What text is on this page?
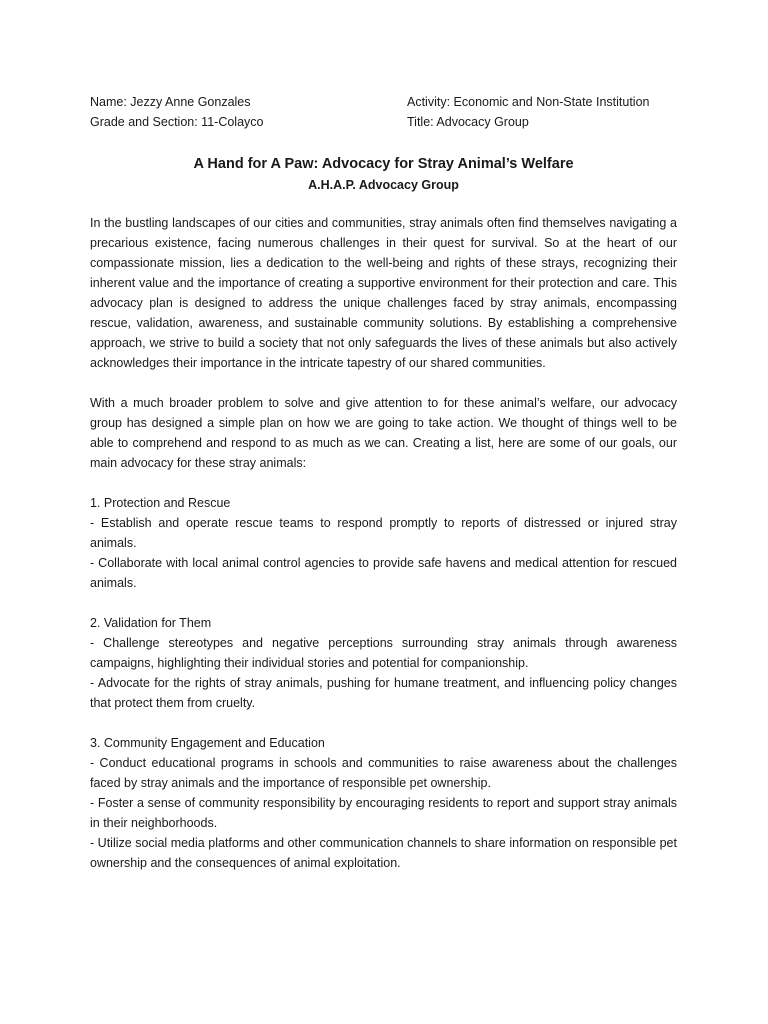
Name: Jezzy Anne Gonzales
Grade and Section: 11-Colayco
Activity: Economic and Non-State Institution
Title: Advocacy Group
A Hand for A Paw: Advocacy for Stray Animal’s Welfare
A.H.A.P. Advocacy Group

In the bustling landscapes of our cities and communities, stray animals often find themselves navigating a precarious existence, facing numerous challenges in their quest for survival. So at the heart of our compassionate mission, lies a dedication to the well-being and rights of these strays, recognizing their inherent value and the importance of creating a supportive environment for their protection and care. This advocacy plan is designed to address the unique challenges faced by stray animals, encompassing rescue, validation, awareness, and sustainable community solutions. By establishing a comprehensive approach, we strive to build a society that not only safeguards the lives of these animals but also actively acknowledges their importance in the intricate tapestry of our shared communities.

With a much broader problem to solve and give attention to for these animal’s welfare, our advocacy group has designed a simple plan on how we are going to take action. We thought of things well to be able to comprehend and respond to as much as we can. Creating a list, here are some of our goals, our main advocacy for these stray animals:

1. Protection and Rescue
- Establish and operate rescue teams to respond promptly to reports of distressed or injured stray animals.
- Collaborate with local animal control agencies to provide safe havens and medical attention for rescued animals.
2. Validation for Them
- Challenge stereotypes and negative perceptions surrounding stray animals through awareness campaigns, highlighting their individual stories and potential for companionship.
- Advocate for the rights of stray animals, pushing for humane treatment, and influencing policy changes that protect them from cruelty.
3. Community Engagement and Education
- Conduct educational programs in schools and communities to raise awareness about the challenges faced by stray animals and the importance of responsible pet ownership.
- Foster a sense of community responsibility by encouraging residents to report and support stray animals in their neighborhoods.
- Utilize social media platforms and other communication channels to share information on responsible pet ownership and the consequences of animal exploitation.
